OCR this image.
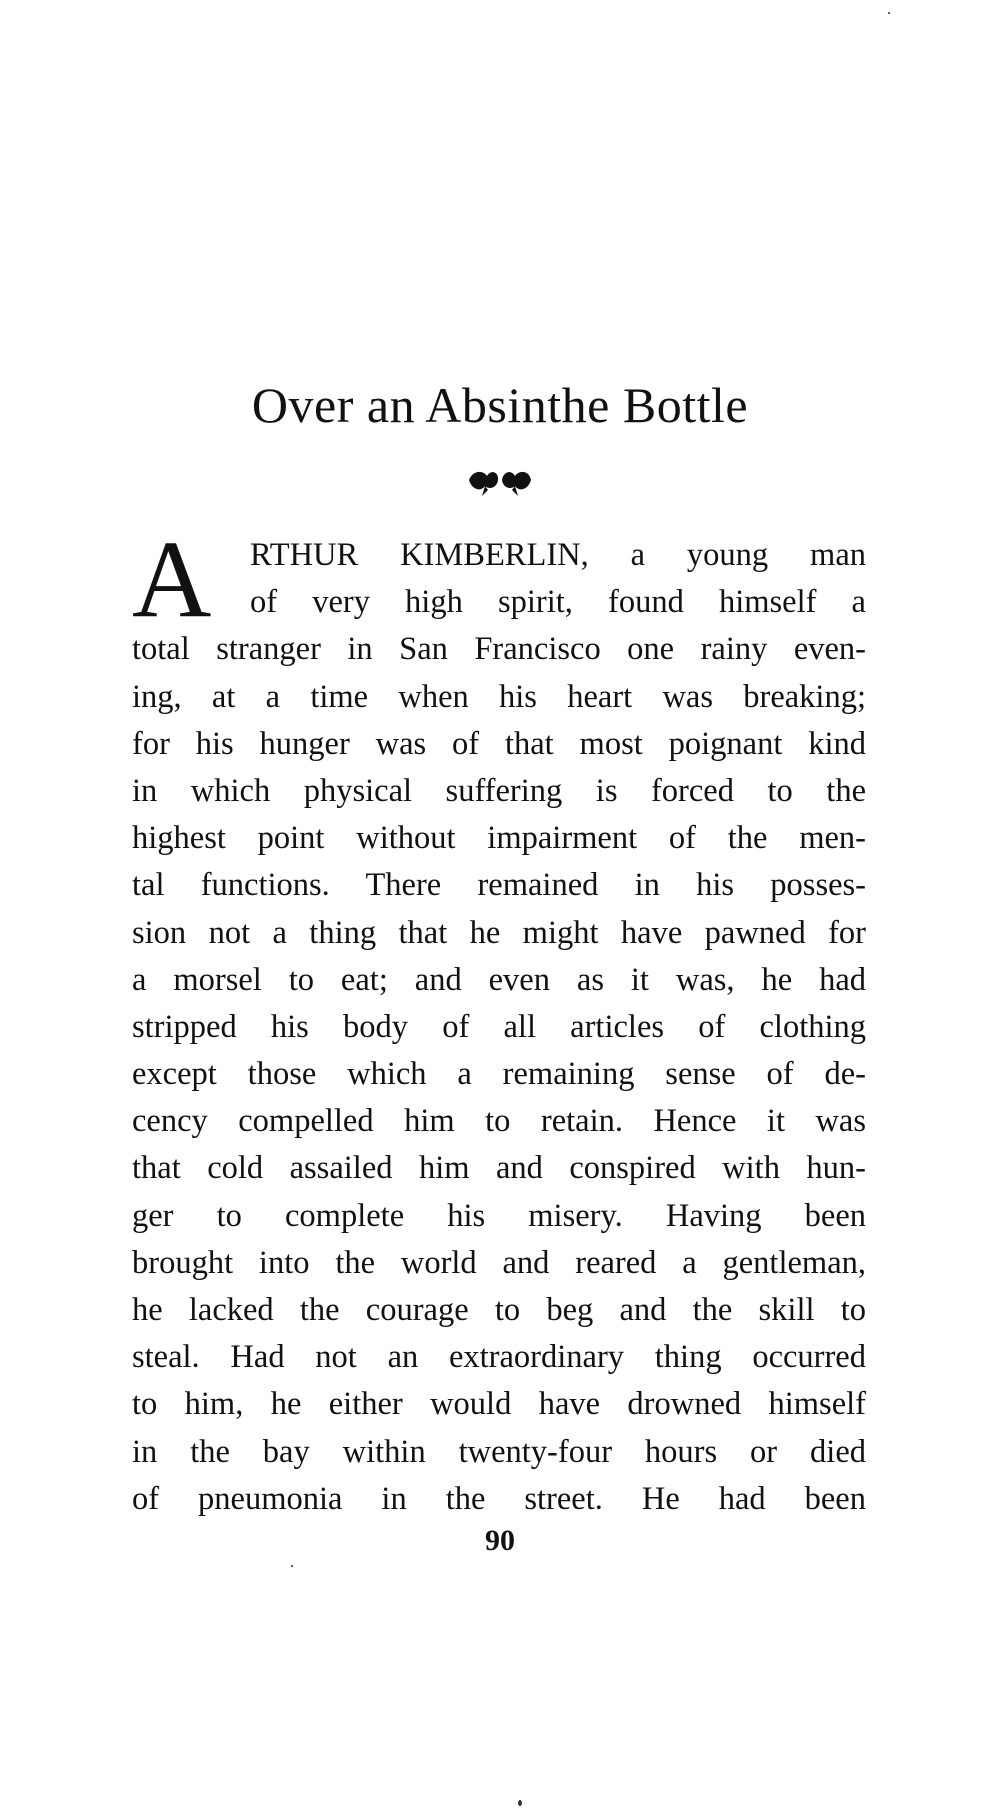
Over an Absinthe Bottle
A	RTHUR KIMBERLIN, a young man
of very high spirit, found himself a
total stranger in San Francisco one rainy even-
ing, at a time when his heart was breaking;
for his hunger was of that most poignant kind
in which physical suffering is forced to the
highest point without impairment of the men-
tal functions. There remained in his posses-
sion not a thing that he might have pawned for
a morsel to eat; and even as it was, he had
stripped his body of all articles of clothing
except those which a remaining sense of de-
cency compelled him to retain. Hence it was
that cold assailed him and conspired with hun-
ger to complete his misery. Having been
brought into the world and reared a gentleman,
he lacked the courage to beg and the skill to
steal. Had not an extraordinary thing occurred
to him, he either would have drowned himself
in the bay within twenty-four hours or died
of pneumonia in the street. He had been
90
